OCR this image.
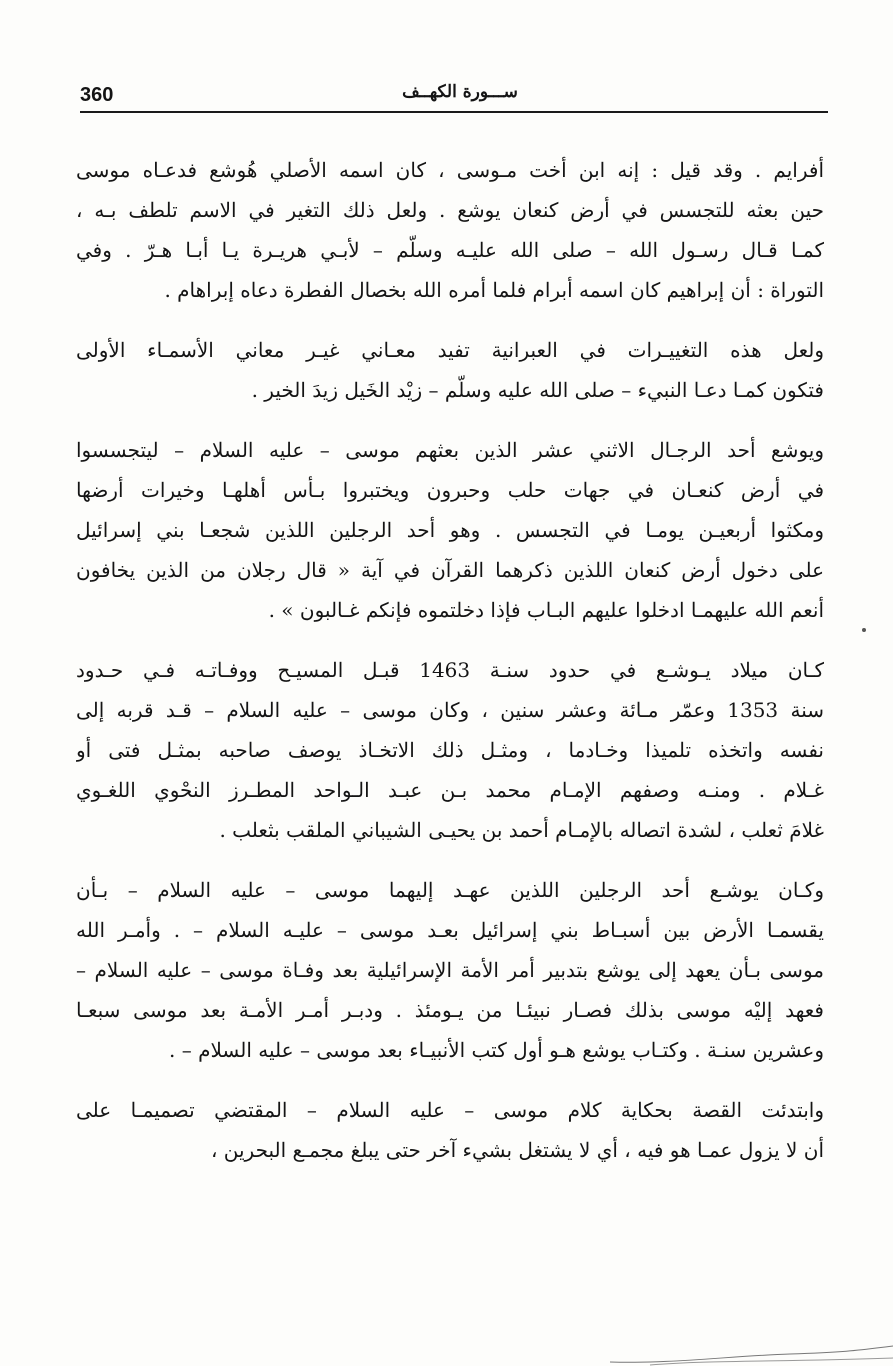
360	ســـورة الكهــف
أفرايم . وقد قيل : إنه ابن أخت مـوسى ، كان اسمه الأصلي هُوشع فدعـاه موسى
حين بعثه للتجسس في أرض كنعان يوشع . ولعل ذلك التغير في الاسم تلطف بـه ،
كمـا قـال رسـول الله – صلى الله عليـه وسلّم – لأبـي هريـرة يـا أبـا هـرّ . وفي
التوراة : أن إبراهيم كان اسمه أبرام فلما أمره الله بخصال الفطرة دعاه إبراهام .
ولعل هذه التغييـرات في العبرانية تفيد معـاني غيـر معاني الأسمـاء الأولى
فتكون كمـا دعـا النبيء – صلى الله عليه وسلّم – زيْد الخَيل زيدَ الخير .
ويوشع أحد الرجـال الاثني عشر الذين بعثهم موسى – عليه السلام – ليتجسسوا
في أرض كنعـان في جهات حلب وحبرون ويختبروا بـأس أهلهـا وخيرات أرضها
ومكثوا أربعيـن يومـا في التجسس . وهو أحد الرجلين اللذين شجعـا بني إسرائيل
على دخول أرض كنعان اللذين ذكرهما القرآن في آية « قال رجلان من الذين يخافون
أنعم الله عليهمـا ادخلوا عليهم البـاب فإذا دخلتموه فإنكم غـالبون » .
كـان ميلاد يـوشـع في حدود سنـة 1463 قبـل المسيـح ووفـاتـه فـي حـدود
سنة 1353 وعمّر مـائة وعشر سنين ، وكان موسى – عليه السلام – قـد قربه إلى
نفسه واتخذه تلميذا وخـادما ، ومثـل ذلك الاتخـاذ يوصف صاحبه بمثـل فتى أو
غـلام . ومنـه وصفهم الإمـام محمد بـن عبـد الـواحد المطـرز النحْوي اللغـوي
غلامَ ثعلب ، لشدة اتصاله بالإمـام أحمد بن يحيـى الشيباني الملقب بثعلب .
وكـان يوشـع أحد الرجلين اللذين عهـد إليهما موسى – عليه السلام – بـأن
يقسمـا الأرض بين أسبـاط بني إسرائيل بعـد موسى – عليـه السلام – . وأمـر الله
موسى بـأن يعهد إلى يوشع بتدبير أمر الأمة الإسرائيلية بعد وفـاة موسى – عليه السلام –
فعهد إليْه موسى بذلك فصـار نبيئـا من يـومئذ . ودبـر أمـر الأمـة بعد موسى سبعـا
وعشرين سنـة . وكتـاب يوشع هـو أول كتب الأنبيـاء بعد موسى – عليه السلام – .
وابتدئت القصة بحكاية كلام موسى – عليه السلام – المقتضي تصميمـا على
أن لا يزول عمـا هو فيه ، أي لا يشتغل بشيء آخر حتى يبلغ مجمـع البحرين ،
